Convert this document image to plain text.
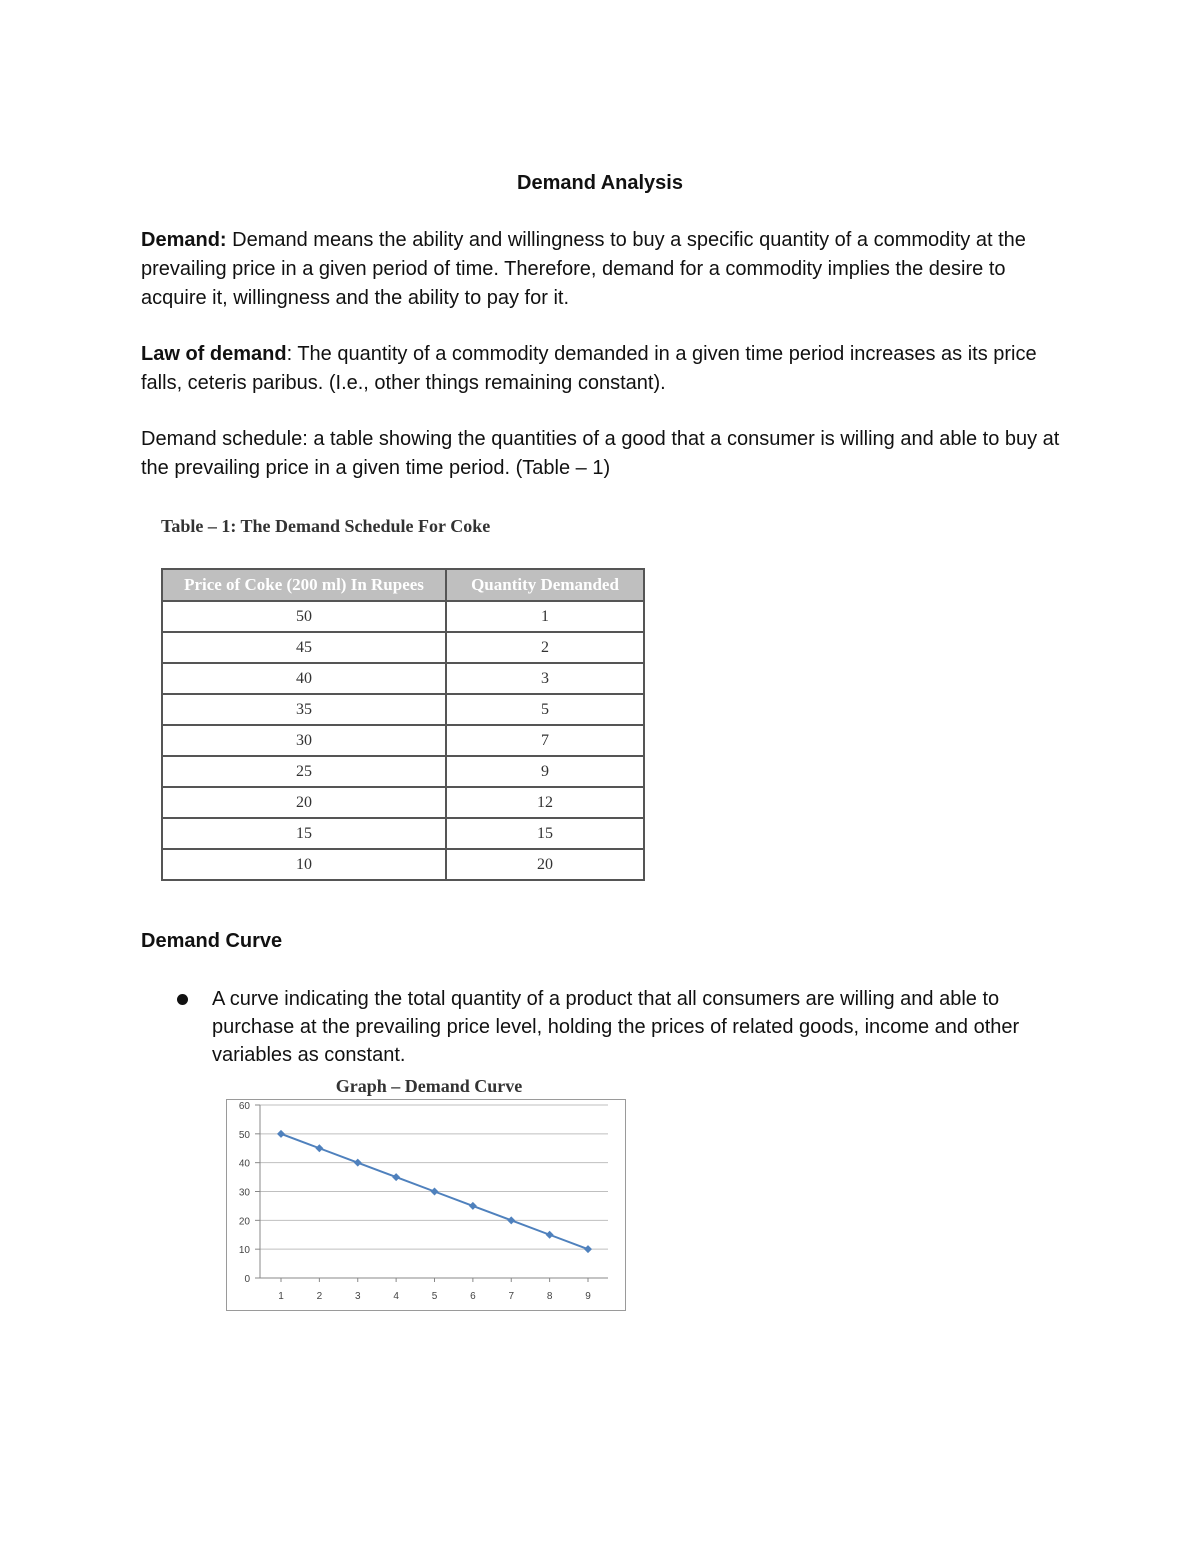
Demand Analysis

Demand: Demand means the ability and willingness to buy a specific quantity of a commodity at the prevailing price in a given period of time. Therefore, demand for a commodity implies the desire to acquire it, willingness and the ability to pay for it.

Law of demand: The quantity of a commodity demanded in a given time period increases as its price falls, ceteris paribus. (I.e., other things remaining constant).

Demand schedule: a table showing the quantities of a good that a consumer is willing and able to buy at the prevailing price in a given time period. (Table – 1)

Table – 1: The Demand Schedule For Coke
Price of Coke (200 ml) In Rupees	Quantity Demanded
50	1
45	2
40	3
35	5
30	7
25	9
20	12
15	15
10	20
Demand Curve

A curve indicating the total quantity of a product that all consumers are willing and able to purchase at the prevailing price level, holding the prices of related goods, income and other variables as constant.

Graph – Demand Curve
0
10
20
30
40
50
60
1	2	3	4	5	6	7	8	9
